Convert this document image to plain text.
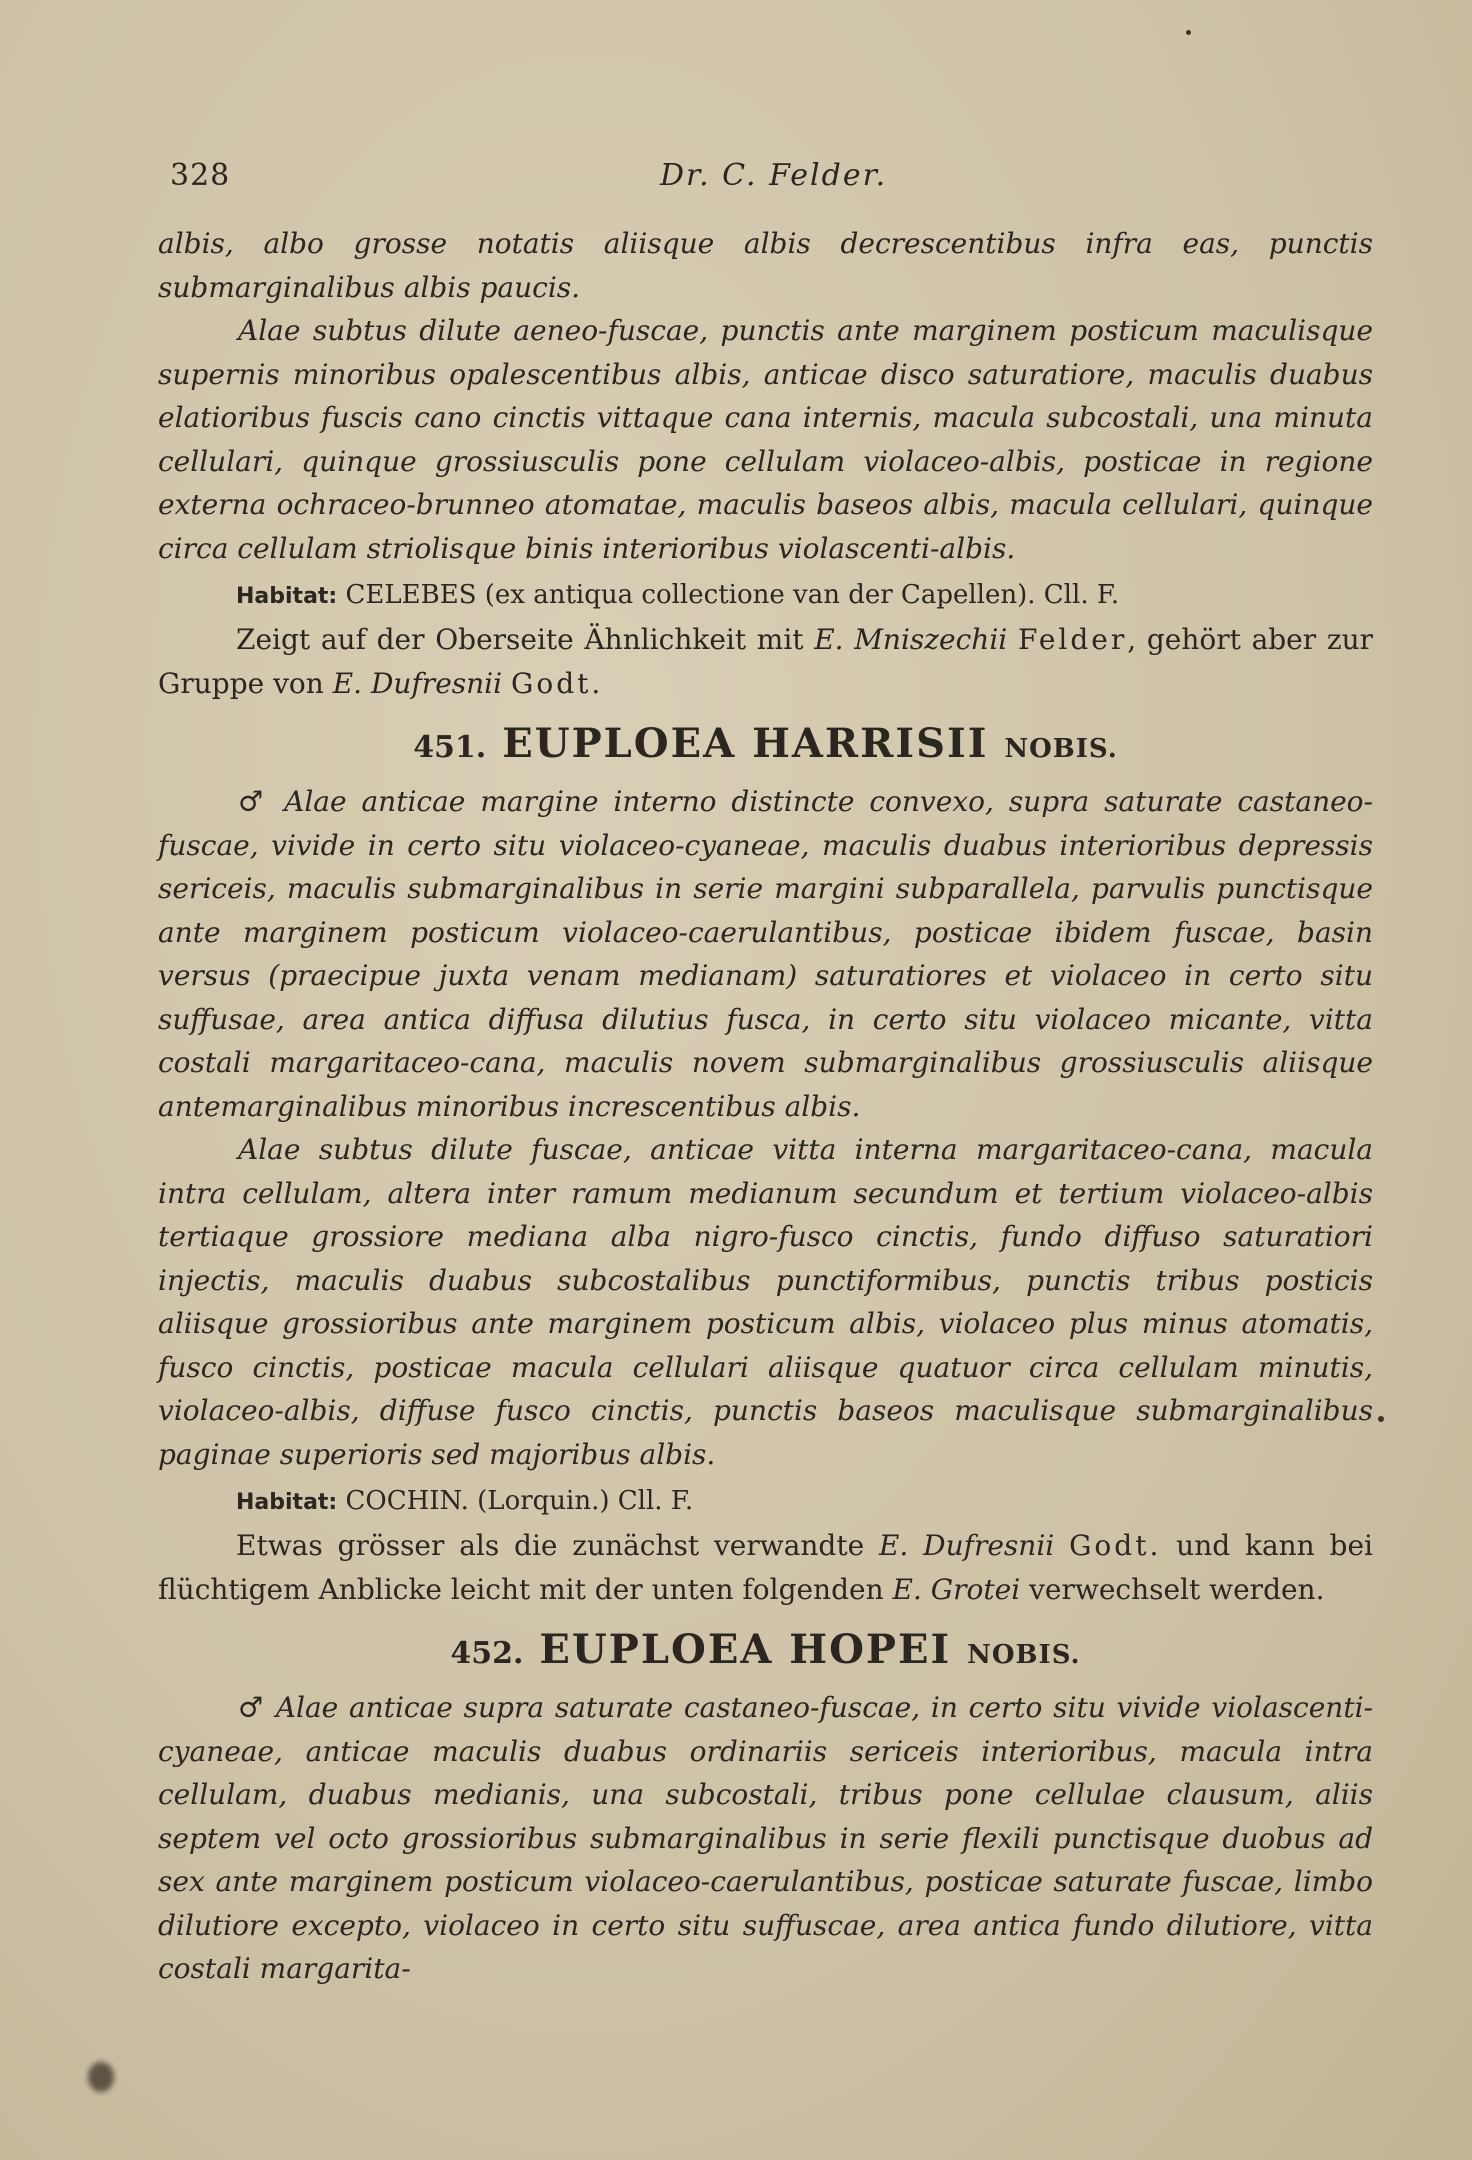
328	Dr. C. Felder.

albis, albo grosse notatis aliisque albis decrescentibus infra eas, punctis submarginalibus albis paucis.

Alae subtus dilute aeneo-fuscae, punctis ante marginem posticum maculisque supernis minoribus opalescentibus albis, anticae disco saturatiore, maculis duabus elatioribus fuscis cano cinctis vittaque cana internis, macula subcostali, una minuta cellulari, quinque grossiusculis pone cellulam violaceo-albis, posticae in regione externa ochraceo-brunneo atomatae, maculis baseos albis, macula cellulari, quinque circa cellulam striolisque binis interioribus violascenti-albis.

Habitat: CELEBES (ex antiqua collectione van der Capellen). Cll. F.

Zeigt auf der Oberseite Ähnlichkeit mit E. Mniszechii Felder, gehört aber zur Gruppe von E. Dufresnii Godt.

451. EUPLOEA HARRISII NOBIS.

♂ Alae anticae margine interno distincte convexo, supra saturate castaneo-fuscae, vivide in certo situ violaceo-cyaneae, maculis duabus interioribus depressis sericeis, maculis submarginalibus in serie margini subparallela, parvulis punctisque ante marginem posticum violaceo-caerulantibus, posticae ibidem fuscae, basin versus (praecipue juxta venam medianam) saturatiores et violaceo in certo situ suffusae, area antica diffusa dilutius fusca, in certo situ violaceo micante, vitta costali margaritaceo-cana, maculis novem submarginalibus grossiusculis aliisque antemarginalibus minoribus increscentibus albis.

Alae subtus dilute fuscae, anticae vitta interna margaritaceo-cana, macula intra cellulam, altera inter ramum medianum secundum et tertium violaceo-albis tertiaque grossiore mediana alba nigro-fusco cinctis, fundo diffuso saturatiori injectis, maculis duabus subcostalibus punctiformibus, punctis tribus posticis aliisque grossioribus ante marginem posticum albis, violaceo plus minus atomatis, fusco cinctis, posticae macula cellulari aliisque quatuor circa cellulam minutis, violaceo-albis, diffuse fusco cinctis, punctis baseos maculisque submarginalibus paginae superioris sed majoribus albis.

Habitat: COCHIN. (Lorquin.) Cll. F.

Etwas grösser als die zunächst verwandte E. Dufresnii Godt. und kann bei flüchtigem Anblicke leicht mit der unten folgenden E. Grotei verwechselt werden.

452. EUPLOEA HOPEI NOBIS.

♂ Alae anticae supra saturate castaneo-fuscae, in certo situ vivide violascenti-cyaneae, anticae maculis duabus ordinariis sericeis interioribus, macula intra cellulam, duabus medianis, una subcostali, tribus pone cellulae clausum, aliis septem vel octo grossioribus submarginalibus in serie flexili punctisque duobus ad sex ante marginem posticum violaceo-caerulantibus, posticae saturate fuscae, limbo dilutiore excepto, violaceo in certo situ suffuscae, area antica fundo dilutiore, vitta costali margarita-
